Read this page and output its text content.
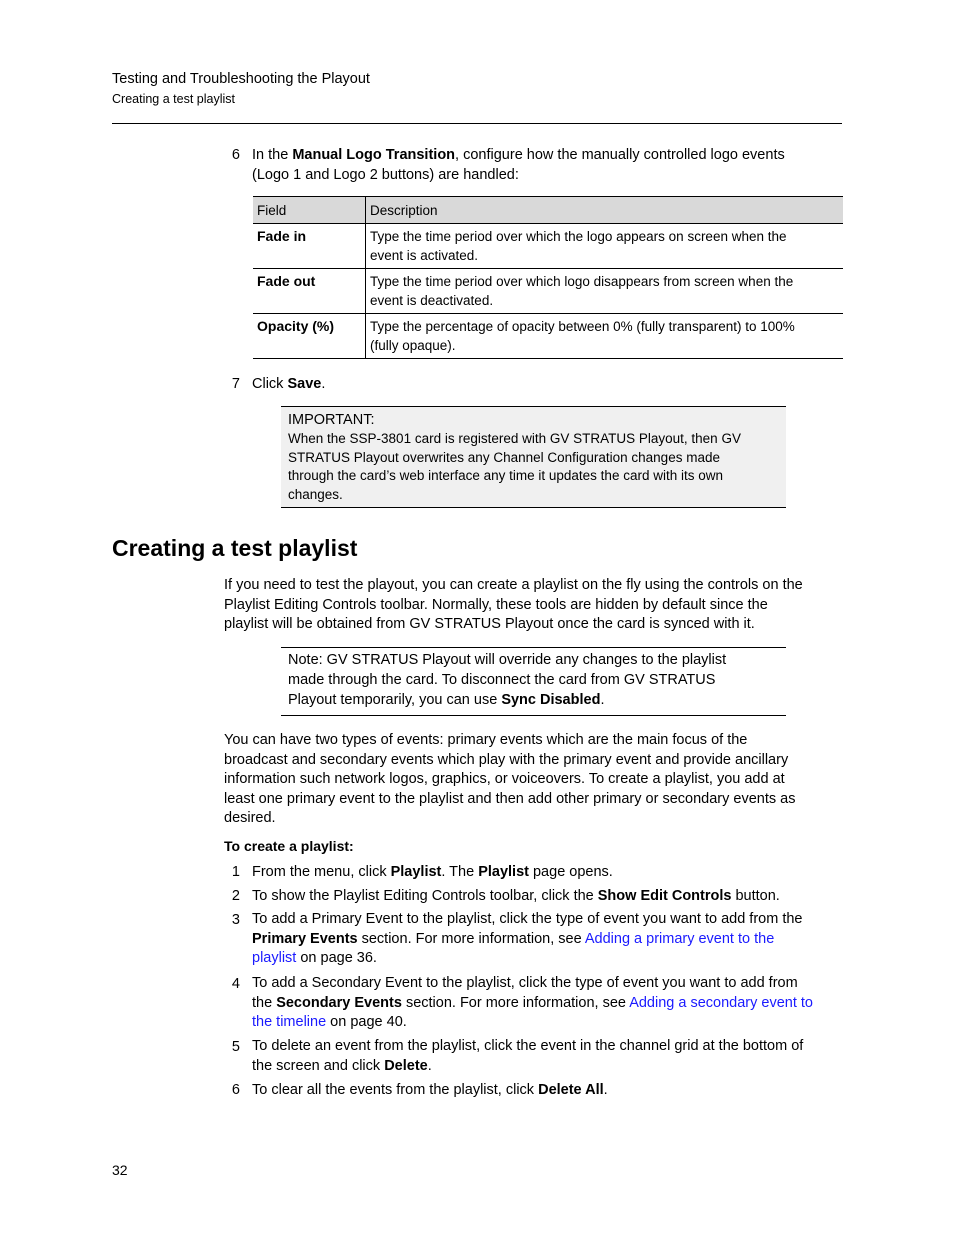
Testing and Troubleshooting the Playout
Creating a test playlist
6 In the Manual Logo Transition, configure how the manually controlled logo events
(Logo 1 and Logo 2 buttons) are handled:
Field	Description
Fade in	Type the time period over which the logo appears on screen when the
event is activated.
Fade out	Type the time period over which logo disappears from screen when the
event is deactivated.
Opacity (%)	Type the percentage of opacity between 0% (fully transparent) to 100%
(fully opaque).
7 Click Save.
IMPORTANT:
When the SSP-3801 card is registered with GV STRATUS Playout, then GV
STRATUS Playout overwrites any Channel Configuration changes made
through the card’s web interface any time it updates the card with its own
changes.
Creating a test playlist
If you need to test the playout, you can create a playlist on the fly using the controls on the
Playlist Editing Controls toolbar. Normally, these tools are hidden by default since the
playlist will be obtained from GV STRATUS Playout once the card is synced with it.
Note: GV STRATUS Playout will override any changes to the playlist
made through the card. To disconnect the card from GV STRATUS
Playout temporarily, you can use Sync Disabled.
You can have two types of events: primary events which are the main focus of the
broadcast and secondary events which play with the primary event and provide ancillary
information such network logos, graphics, or voiceovers. To create a playlist, you add at
least one primary event to the playlist and then add other primary or secondary events as
desired.
To create a playlist:
1 From the menu, click Playlist. The Playlist page opens.
2 To show the Playlist Editing Controls toolbar, click the Show Edit Controls button.
3 To add a Primary Event to the playlist, click the type of event you want to add from the
Primary Events section. For more information, see Adding a primary event to the
playlist on page 36.
4 To add a Secondary Event to the playlist, click the type of event you want to add from
the Secondary Events section. For more information, see Adding a secondary event to
the timeline on page 40.
5 To delete an event from the playlist, click the event in the channel grid at the bottom of
the screen and click Delete.
6 To clear all the events from the playlist, click Delete All.
32
